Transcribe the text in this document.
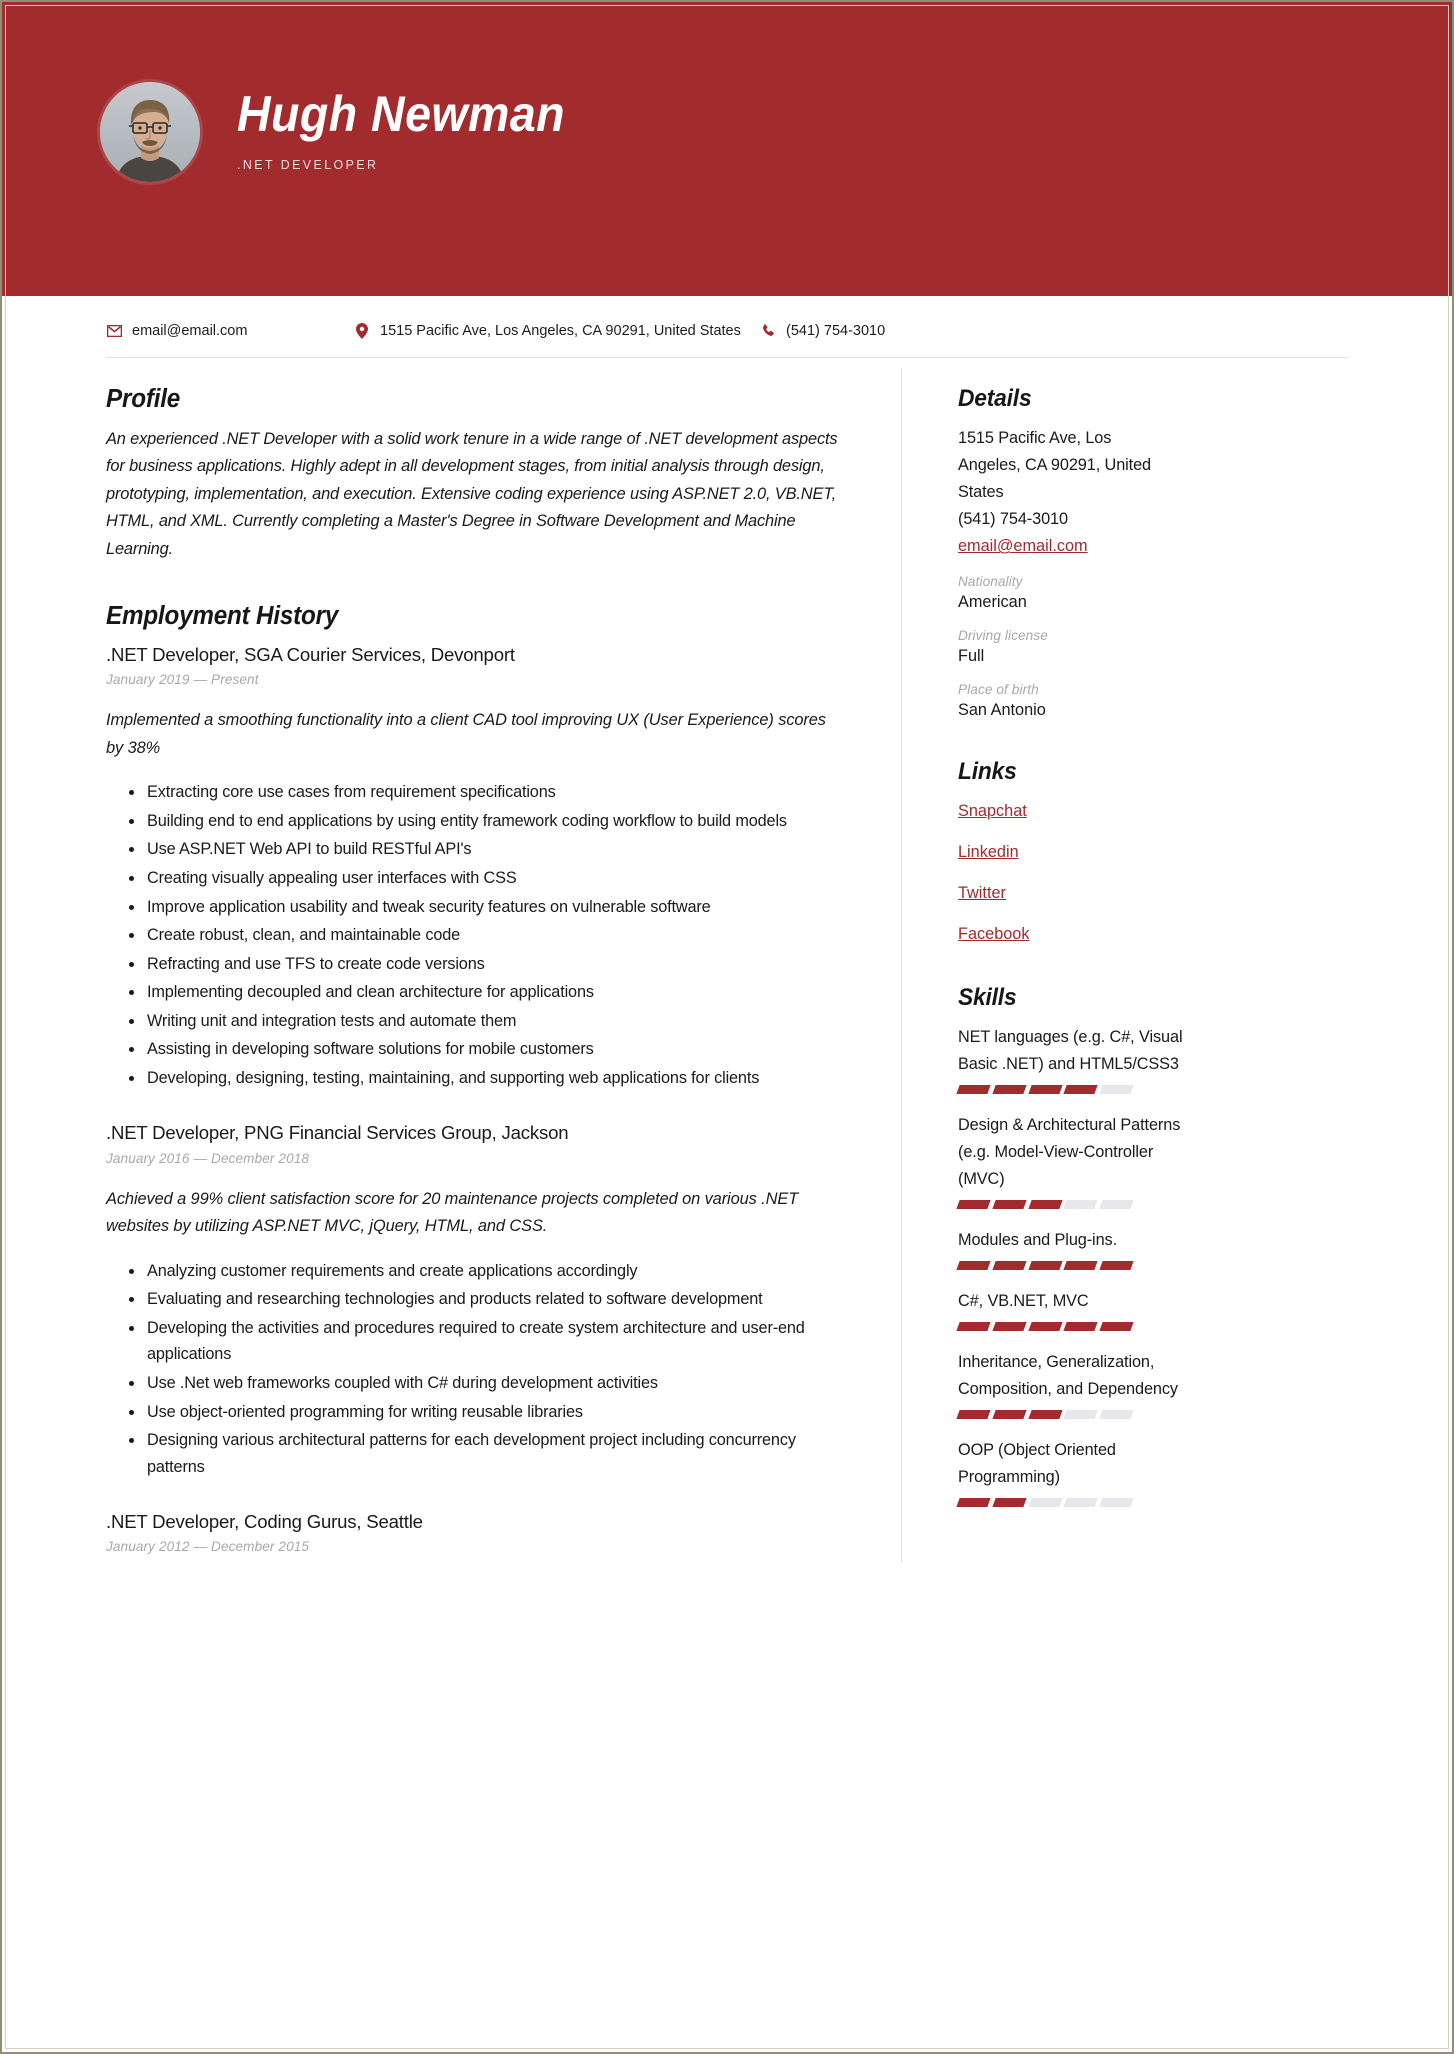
Hugh Newman
.NET DEVELOPER
email@email.com	1515 Pacific Ave, Los Angeles, CA 90291, United States	(541) 754-3010
Profile
An experienced .NET Developer with a solid work tenure in a wide range of .NET development aspects for business applications. Highly adept in all development stages, from initial analysis through design, prototyping, implementation, and execution. Extensive coding experience using ASP.NET 2.0, VB.NET, HTML, and XML. Currently completing a Master's Degree in Software Development and Machine Learning.
Employment History
.NET Developer, SGA Courier Services, Devonport
January 2019 — Present
Implemented a smoothing functionality into a client CAD tool improving UX (User Experience) scores by 38%
Extracting core use cases from requirement specifications
Building end to end applications by using entity framework coding workflow to build models
Use ASP.NET Web API to build RESTful API's
Creating visually appealing user interfaces with CSS
Improve application usability and tweak security features on vulnerable software
Create robust, clean, and maintainable code
Refracting and use TFS to create code versions
Implementing decoupled and clean architecture for applications
Writing unit and integration tests and automate them
Assisting in developing software solutions for mobile customers
Developing, designing, testing, maintaining, and supporting web applications for clients
.NET Developer, PNG Financial Services Group, Jackson
January 2016 — December 2018
Achieved a 99% client satisfaction score for 20 maintenance projects completed on various .NET websites by utilizing ASP.NET MVC, jQuery, HTML, and CSS.
Analyzing customer requirements and create applications accordingly
Evaluating and researching technologies and products related to software development
Developing the activities and procedures required to create system architecture and user-end applications
Use .Net web frameworks coupled with C# during development activities
Use object-oriented programming for writing reusable libraries
Designing various architectural patterns for each development project including concurrency patterns
.NET Developer, Coding Gurus, Seattle
January 2012 — December 2015
Details
1515 Pacific Ave, Los
Angeles, CA 90291, United
States
(541) 754-3010
email@email.com
Nationality
American
Driving license
Full
Place of birth
San Antonio
Links
Snapchat
Linkedin
Twitter
Facebook
Skills
NET languages (e.g. C#, Visual Basic .NET) and HTML5/CSS3
Design & Architectural Patterns (e.g. Model-View-Controller (MVC)
Modules and Plug-ins.
C#, VB.NET, MVC
Inheritance, Generalization, Composition, and Dependency
OOP (Object Oriented Programming)
